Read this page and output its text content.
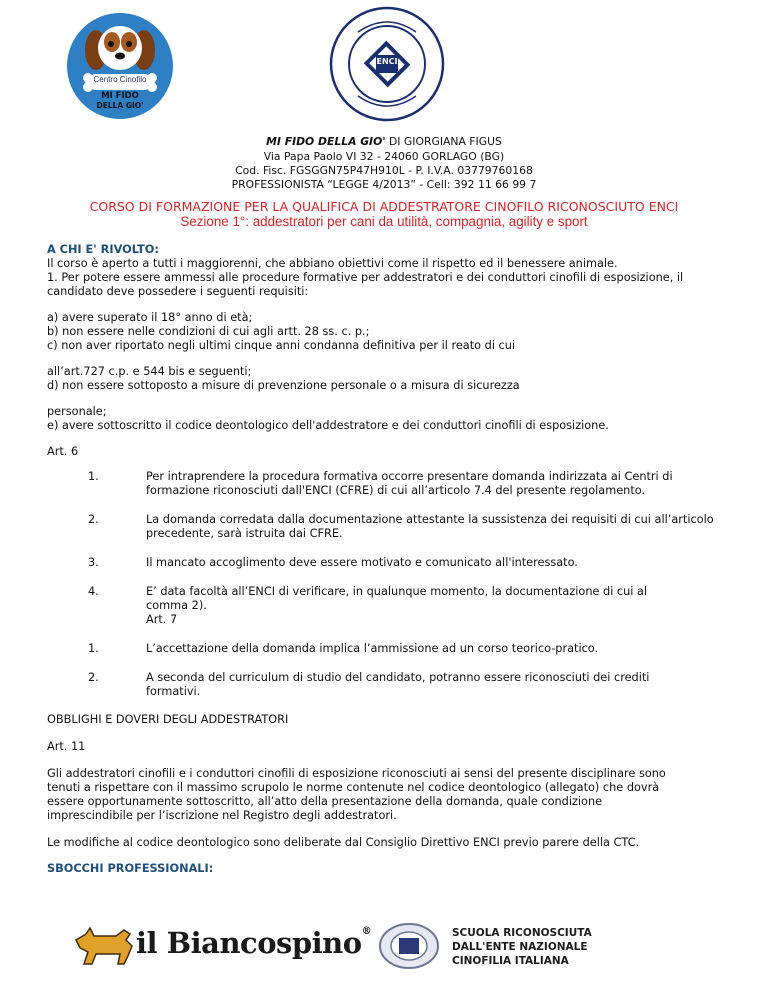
Centro Cinofilo
MI FIDO
DELLA GIO'
ENCI
MI FIDO DELLA GIO' DI GIORGIANA FIGUS
Via Papa Paolo VI 32 - 24060 GORLAGO (BG)
Cod. Fisc. FGSGGN75P47H910L - P. I.V.A. 03779760168
PROFESSIONISTA “LEGGE 4/2013” - Cell: 392 11 66 99 7
CORSO DI FORMAZIONE PER LA QUALIFICA DI ADDESTRATORE CINOFILO RICONOSCIUTO ENCI
Sezione 1°: addestratori per cani da utilità, compagnia, agility e sport
A CHI E' RIVOLTO:
Il corso è aperto a tutti i maggiorenni, che abbiano obiettivi come il rispetto ed il benessere animale.
1. Per potere essere ammessi alle procedure formative per addestratori e dei conduttori cinofili di esposizione, il
candidato deve possedere i seguenti requisiti:
a) avere superato il 18° anno di età;
b) non essere nelle condizioni di cui agli artt. 28 ss. c. p.;
c) non aver riportato negli ultimi cinque anni condanna definitiva per il reato di cui
all’art.727 c.p. e 544 bis e seguenti;
d) non essere sottoposto a misure di prevenzione personale o a misura di sicurezza
personale;
e) avere sottoscritto il codice deontologico dell'addestratore e dei conduttori cinofili di esposizione.
Art. 6
1.	Per intraprendere la procedura formativa occorre presentare domanda indirizzata ai Centri di
formazione riconosciuti dall'ENCI (CFRE) di cui all’articolo 7.4 del presente regolamento.
2.	La domanda corredata dalla documentazione attestante la sussistenza dei requisiti di cui all’articolo
precedente, sarà istruita dai CFRE.
3.	Il mancato accoglimento deve essere motivato e comunicato all'interessato.
4.	E’ data facoltà all’ENCI di verificare, in qualunque momento, la documentazione di cui al
comma 2).
Art. 7
1.	L’accettazione della domanda implica l’ammissione ad un corso teorico-pratico.
2.	A seconda del curriculum di studio del candidato, potranno essere riconosciuti dei crediti
formativi.
OBBLIGHI E DOVERI DEGLI ADDESTRATORI
Art. 11
Gli addestratori cinofili e i conduttori cinofili di esposizione riconosciuti ai sensi del presente disciplinare sono
tenuti a rispettare con il massimo scrupolo le norme contenute nel codice deontologico (allegato) che dovrà
essere opportunamente sottoscritto, all’atto della presentazione della domanda, quale condizione
imprescindibile per l’iscrizione nel Registro degli addestratori.
Le modifiche al codice deontologico sono deliberate dal Consiglio Direttivo ENCI previo parere della CTC.
SBOCCHI PROFESSIONALI:
il Biancospino®	SCUOLA RICONOSCIUTA
DALL'ENTE NAZIONALE
CINOFILIA ITALIANA
